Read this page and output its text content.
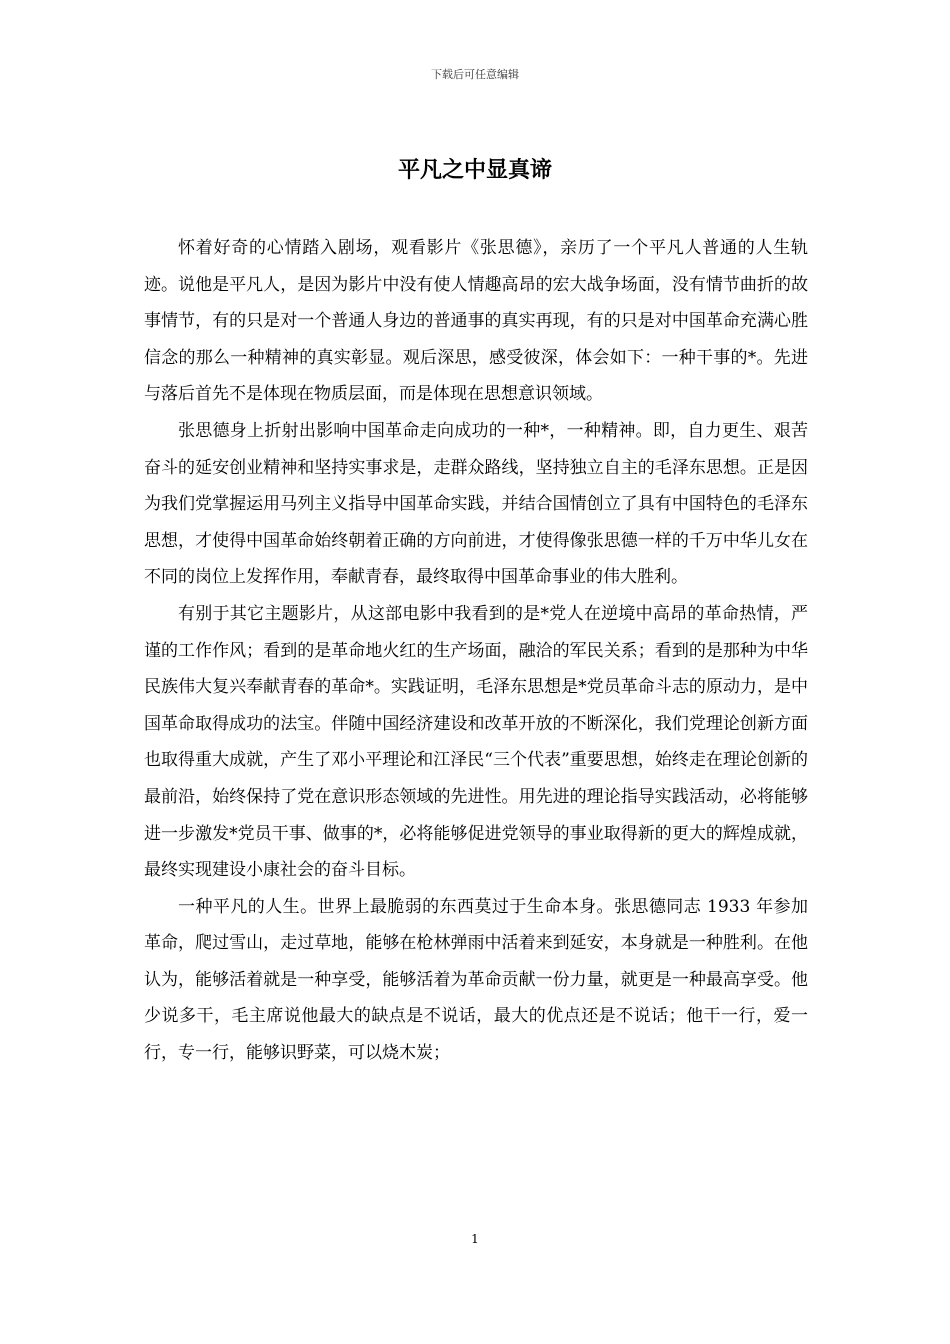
下载后可任意编辑
平凡之中显真谛

怀着好奇的心情踏入剧场，观看影片《张思德》，亲历了一个平凡人普通的人生轨迹。说他是平凡人，是因为影片中没有使人情趣高昂的宏大战争场面，没有情节曲折的故事情节，有的只是对一个普通人身边的普通事的真实再现，有的只是对中国革命充满心胜信念的那么一种精神的真实彰显。观后深思，感受彼深，体会如下：一种干事的*。先进与落后首先不是体现在物质层面，而是体现在思想意识领域。

张思德身上折射出影响中国革命走向成功的一种*，一种精神。即，自力更生、艰苦奋斗的延安创业精神和坚持实事求是，走群众路线，坚持独立自主的毛泽东思想。正是因为我们党掌握运用马列主义指导中国革命实践，并结合国情创立了具有中国特色的毛泽东思想，才使得中国革命始终朝着正确的方向前进，才使得像张思德一样的千万中华儿女在不同的岗位上发挥作用，奉献青春，最终取得中国革命事业的伟大胜利。

有别于其它主题影片，从这部电影中我看到的是*党人在逆境中高昂的革命热情，严谨的工作作风；看到的是革命地火红的生产场面，融洽的军民关系；看到的是那种为中华民族伟大复兴奉献青春的革命*。实践证明，毛泽东思想是*党员革命斗志的原动力，是中国革命取得成功的法宝。伴随中国经济建设和改革开放的不断深化，我们党理论创新方面也取得重大成就，产生了邓小平理论和江泽民“三个代表”重要思想，始终走在理论创新的最前沿，始终保持了党在意识形态领域的先进性。用先进的理论指导实践活动，必将能够进一步激发*党员干事、做事的*，必将能够促进党领导的事业取得新的更大的辉煌成就，最终实现建设小康社会的奋斗目标。

一种平凡的人生。世界上最脆弱的东西莫过于生命本身。张思德同志 1933 年参加革命，爬过雪山，走过草地，能够在枪林弹雨中活着来到延安，本身就是一种胜利。在他认为，能够活着就是一种享受，能够活着为革命贡献一份力量，就更是一种最高享受。他少说多干，毛主席说他最大的缺点是不说话，最大的优点还是不说话；他干一行，爱一行，专一行，能够识野菜，可以烧木炭；

1
